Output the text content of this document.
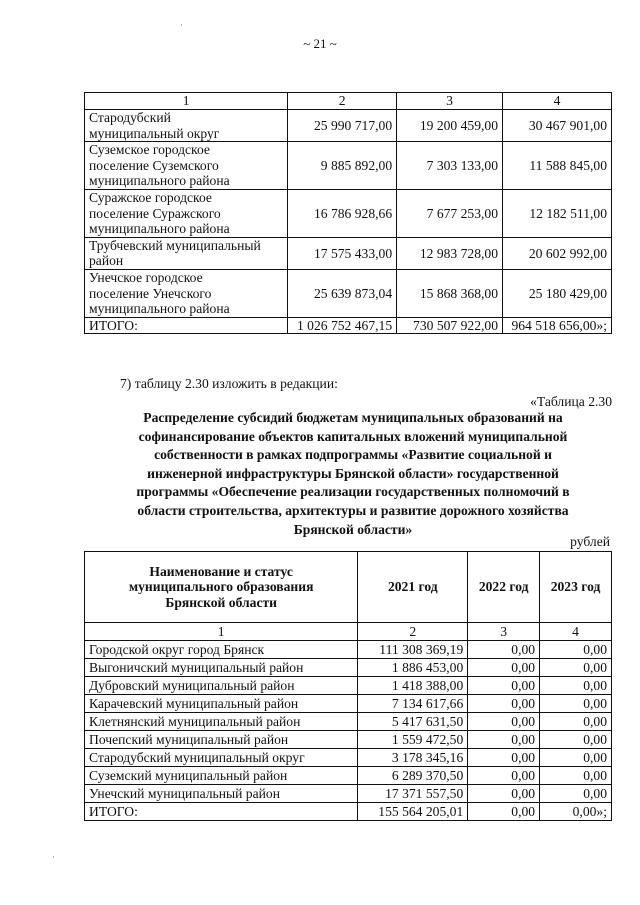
~ 21 ~
1	2	3	4

Стародубский
муниципальный округ	25 990 717,00	19 200 459,00	30 467 901,00

Суземское городское
поселение Суземского
муниципального района	9 885 892,00	7 303 133,00	11 588 845,00

Суражское городское
поселение Суражского
муниципального района	16 786 928,66	7 677 253,00	12 182 511,00

Трубчевский муниципальный
район	17 575 433,00	12 983 728,00	20 602 992,00

Унечское городское
поселение Унечского
муниципального района	25 639 873,04	15 868 368,00	25 180 429,00
ИТОГО:	1 026 752 467,15	730 507 922,00	964 518 656,00»;
7) таблицу 2.30 изложить в редакции:
«Таблица 2.30
Распределение субсидий бюджетам муниципальных образований на
софинансирование объектов капитальных вложений муниципальной
собственности в рамках подпрограммы «Развитие социальной и
инженерной инфраструктуры Брянской области» государственной
программы «Обеспечение реализации государственных полномочий в
области строительства, архитектуры и развитие дорожного хозяйства
Брянской области»
рублей
Наименование и статус
муниципального образования
Брянской области	2021 год	2022 год	2023 год
1	2	3	4
Городской округ город Брянск	111 308 369,19	0,00	0,00
Выгоничский муниципальный район	1 886 453,00	0,00	0,00
Дубровский муниципальный район	1 418 388,00	0,00	0,00
Карачевский муниципальный район	7 134 617,66	0,00	0,00
Клетнянский муниципальный район	5 417 631,50	0,00	0,00
Почепский муниципальный район	1 559 472,50	0,00	0,00
Стародубский муниципальный округ	3 178 345,16	0,00	0,00
Суземский муниципальный район	6 289 370,50	0,00	0,00
Унечский муниципальный район	17 371 557,50	0,00	0,00
ИТОГО:	155 564 205,01	0,00	0,00»;
·
·
